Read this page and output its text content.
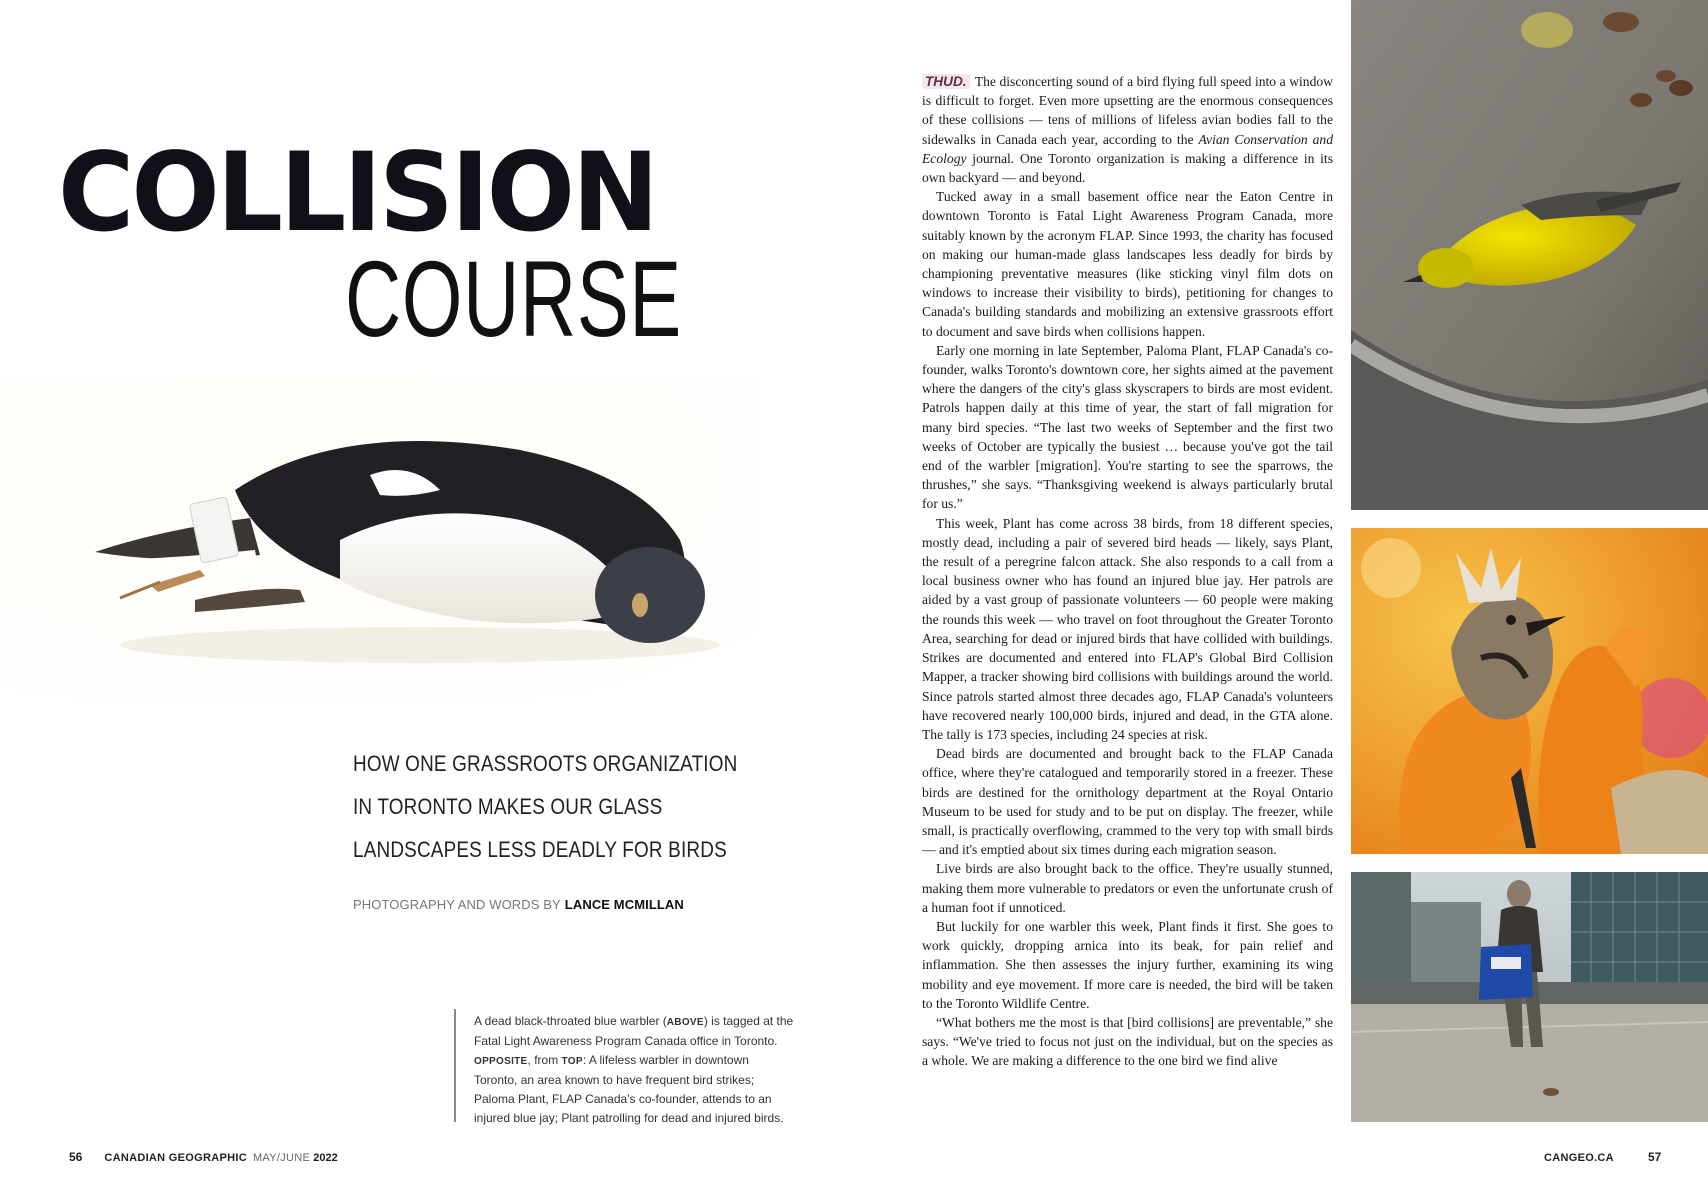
COLLISION
COURSE
HOW ONE GRASSROOTS ORGANIZATION
IN TORONTO MAKES OUR GLASS
LANDSCAPES LESS DEADLY FOR BIRDS
PHOTOGRAPHY AND WORDS BY LANCE MCMILLAN
A dead black-throated blue warbler (ABOVE) is tagged at the Fatal Light Awareness Program Canada office in Toronto. OPPOSITE, from TOP: A lifeless warbler in downtown Toronto, an area known to have frequent bird strikes; Paloma Plant, FLAP Canada's co-founder, attends to an injured blue jay; Plant patrolling for dead and injured birds.
56 CANADIAN GEOGRAPHIC MAY/JUNE 2022

THUD. The disconcerting sound of a bird flying full speed into a window is difficult to forget. Even more upsetting are the enormous consequences of these collisions — tens of millions of lifeless avian bodies fall to the sidewalks in Canada each year, according to the Avian Conservation and Ecology journal. One Toronto organization is making a difference in its own backyard — and beyond.

Tucked away in a small basement office near the Eaton Centre in downtown Toronto is Fatal Light Awareness Program Canada, more suitably known by the acronym FLAP. Since 1993, the charity has focused on making our human-made glass landscapes less deadly for birds by championing preventative measures (like sticking vinyl film dots on windows to increase their visibility to birds), petitioning for changes to Canada's building standards and mobilizing an extensive grassroots effort to document and save birds when collisions happen.

Early one morning in late September, Paloma Plant, FLAP Canada's co-founder, walks Toronto's downtown core, her sights aimed at the pavement where the dangers of the city's glass skyscrapers to birds are most evident. Patrols happen daily at this time of year, the start of fall migration for many bird species. “The last two weeks of September and the first two weeks of October are typically the busiest … because you've got the tail end of the warbler [migration]. You're starting to see the sparrows, the thrushes,” she says. “Thanksgiving weekend is always particularly brutal for us.”

This week, Plant has come across 38 birds, from 18 different species, mostly dead, including a pair of severed bird heads — likely, says Plant, the result of a peregrine falcon attack. She also responds to a call from a local business owner who has found an injured blue jay. Her patrols are aided by a vast group of passionate volunteers — 60 people were making the rounds this week — who travel on foot throughout the Greater Toronto Area, searching for dead or injured birds that have collided with buildings. Strikes are documented and entered into FLAP's Global Bird Collision Mapper, a tracker showing bird collisions with buildings around the world. Since patrols started almost three decades ago, FLAP Canada's volunteers have recovered nearly 100,000 birds, injured and dead, in the GTA alone. The tally is 173 species, including 24 species at risk.

Dead birds are documented and brought back to the FLAP Canada office, where they're catalogued and temporarily stored in a freezer. These birds are destined for the ornithology department at the Royal Ontario Museum to be used for study and to be put on display. The freezer, while small, is practically overflowing, crammed to the very top with small birds — and it's emptied about six times during each migration season.

Live birds are also brought back to the office. They're usually stunned, making them more vulnerable to predators or even the unfortunate crush of a human foot if unnoticed.

But luckily for one warbler this week, Plant finds it first. She goes to work quickly, dropping arnica into its beak, for pain relief and inflammation. She then assesses the injury further, examining its wing mobility and eye movement. If more care is needed, the bird will be taken to the Toronto Wildlife Centre.

“What bothers me the most is that [bird collisions] are preventable,” she says. “We've tried to focus not just on the individual, but on the species as a whole. We are making a difference to the one bird we find alive

CANGEO.CA	57
